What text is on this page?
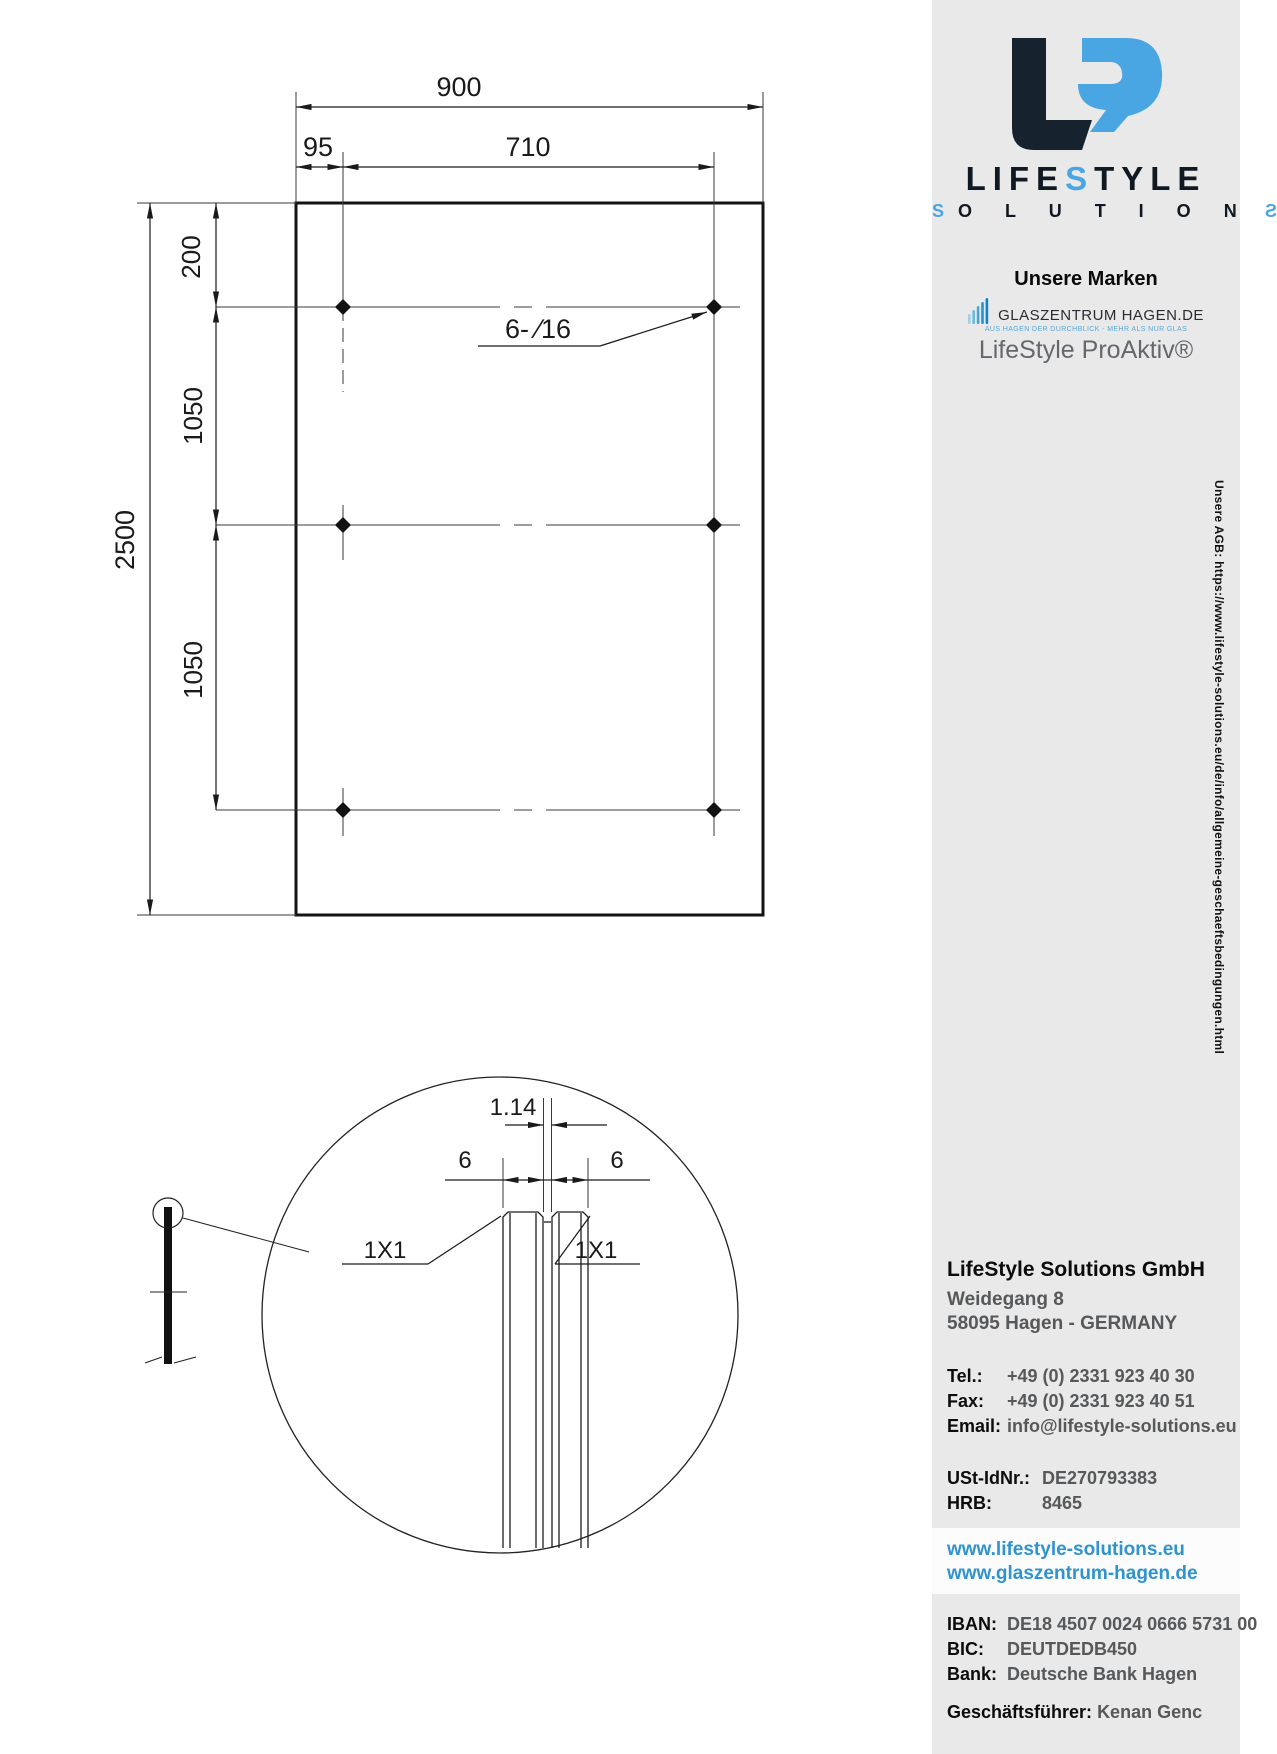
900
95	710
2500
200
1050
1050
6- ∕16
1.14
6	6
1X1	1X1
LIFESTYLE
SO L U T I O NS
Unsere Marken
GLASZENTRUM HAGEN.DE
AUS HAGEN DER DURCHBLICK - MEHR ALS NUR GLAS
LifeStyle ProAktiv®
Unsere AGB: https://www.lifestyle-solutions.eu/de/info/allgemeine-geschaeftsbedingungen.html
LifeStyle Solutions GmbH
Weidegang 8
58095 Hagen - GERMANY
Tel.: +49 (0) 2331 923 40 30
Fax: +49 (0) 2331 923 40 51
Email: info@lifestyle-solutions.eu
USt-IdNr.: DE270793383
HRB:	8465
www.lifestyle-solutions.eu
www.glaszentrum-hagen.de
IBAN: DE18 4507 0024 0666 5731 00
BIC: DEUTDEDB450
Bank: Deutsche Bank Hagen
Geschäftsführer: Kenan Genc
